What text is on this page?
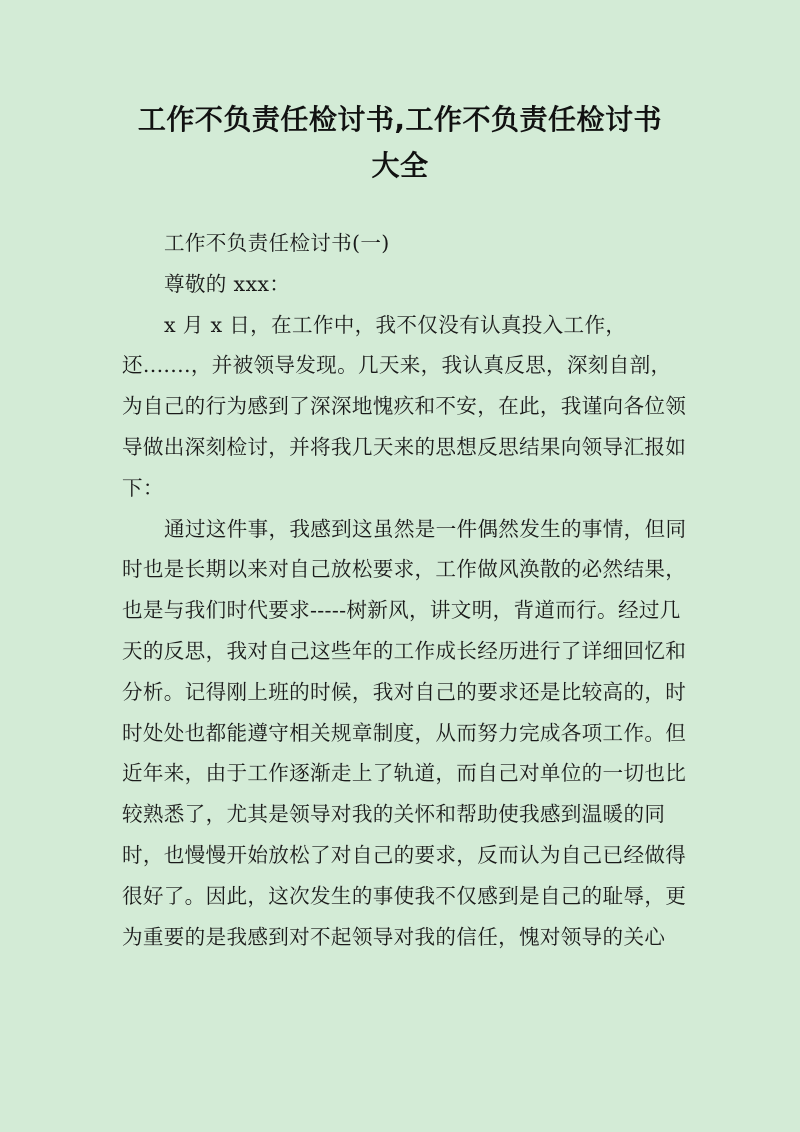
工作不负责任检讨书,工作不负责任检讨书
大全

工作不负责任检讨书(一)

尊敬的 xxx：

x 月 x 日，在工作中，我不仅没有认真投入工作，还.......，并被领导发现。几天来，我认真反思，深刻自剖，为自己的行为感到了深深地愧疚和不安，在此，我谨向各位领导做出深刻检讨，并将我几天来的思想反思结果向领导汇报如下：

通过这件事，我感到这虽然是一件偶然发生的事情，但同时也是长期以来对自己放松要求，工作做风涣散的必然结果，也是与我们时代要求-----树新风，讲文明，背道而行。经过几天的反思，我对自己这些年的工作成长经历进行了详细回忆和分析。记得刚上班的时候，我对自己的要求还是比较高的，时时处处也都能遵守相关规章制度，从而努力完成各项工作。但近年来，由于工作逐渐走上了轨道，而自己对单位的一切也比较熟悉了，尤其是领导对我的关怀和帮助使我感到温暖的同时，也慢慢开始放松了对自己的要求，反而认为自己已经做得很好了。因此，这次发生的事使我不仅感到是自己的耻辱，更为重要的是我感到对不起领导对我的信任，愧对领导的关心
